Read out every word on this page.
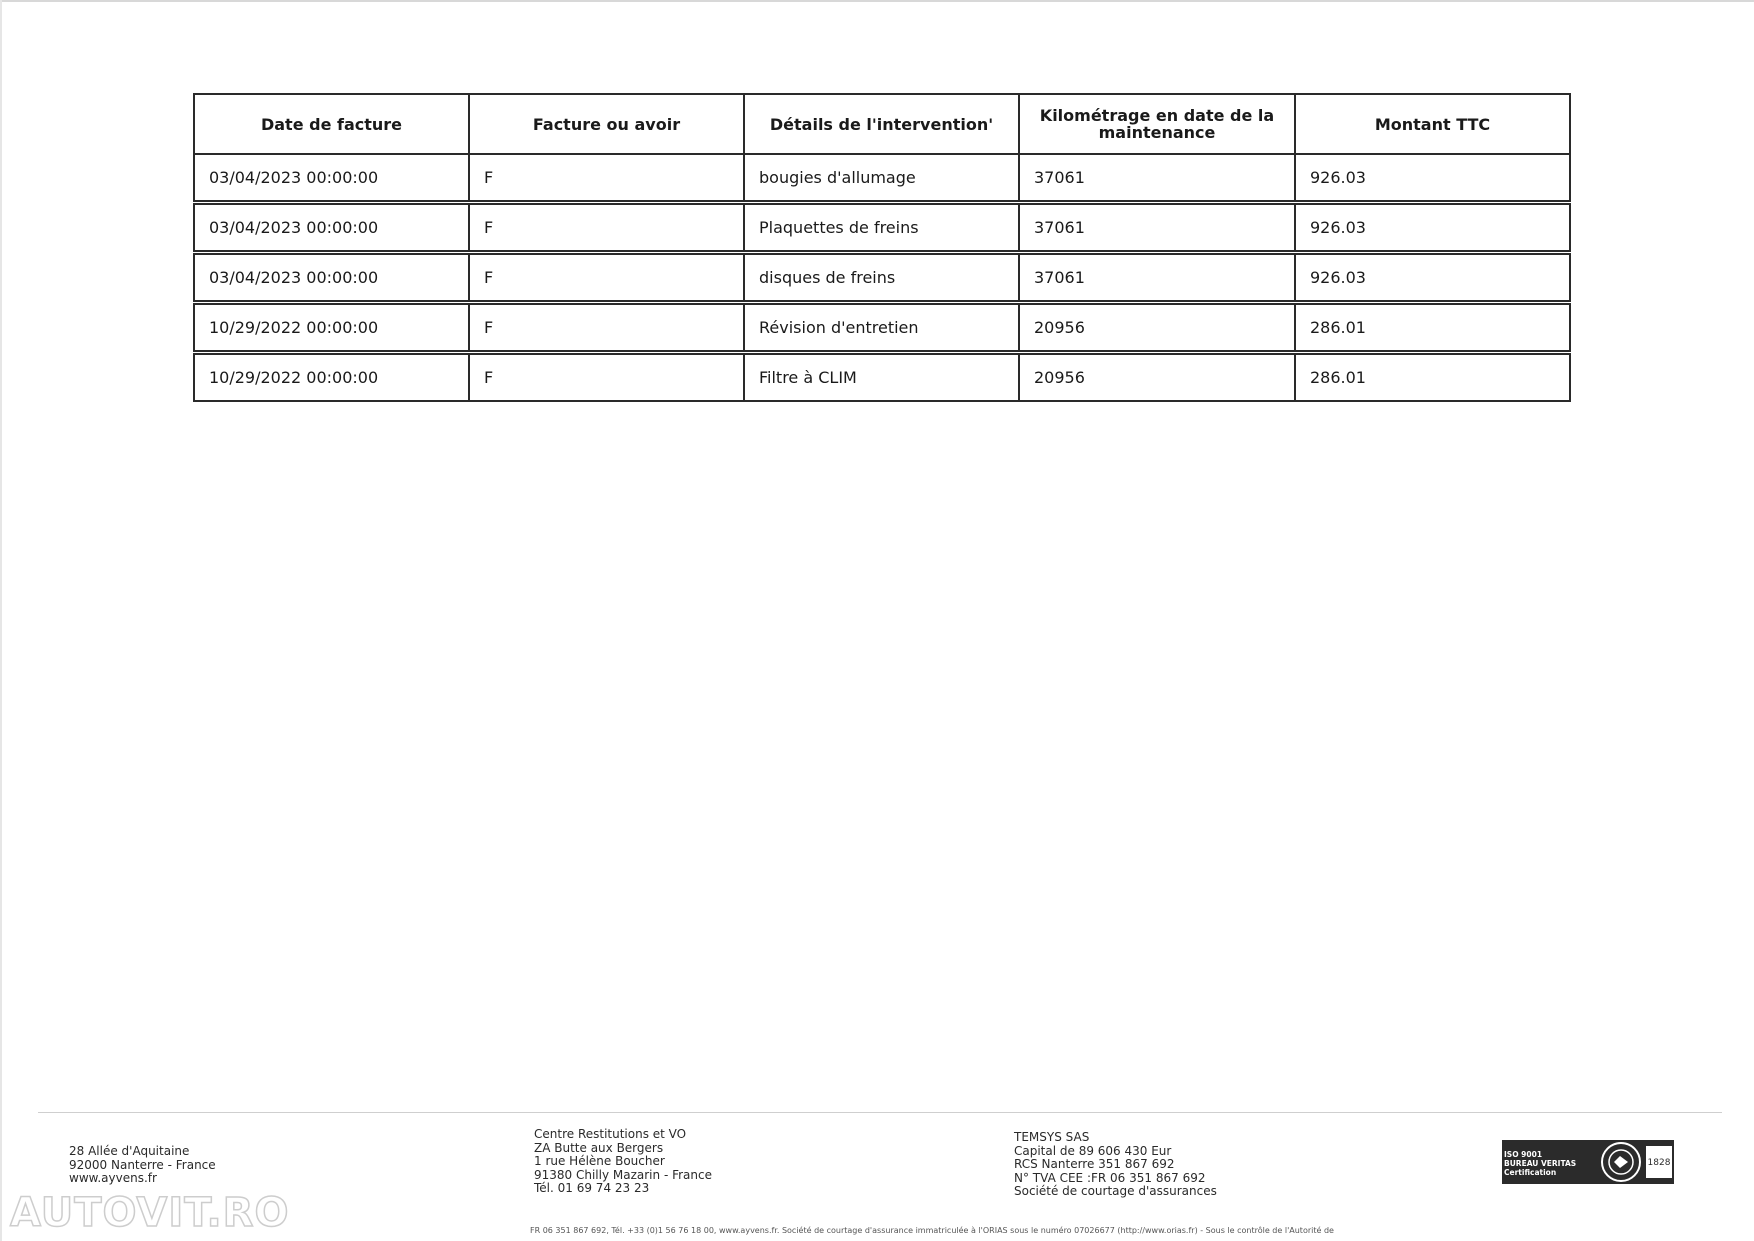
Date de facture	Facture ou avoir	Détails de l'intervention'	Kilométrage en date de la maintenance	Montant TTC
03/04/2023 00:00:00	F	bougies d'allumage	37061	926.03
03/04/2023 00:00:00	F	Plaquettes de freins	37061	926.03
03/04/2023 00:00:00	F	disques de freins	37061	926.03
10/29/2022 00:00:00	F	Révision d'entretien	20956	286.01
10/29/2022 00:00:00	F	Filtre à CLIM	20956	286.01
28 Allée d'Aquitaine
92000 Nanterre - France
www.ayvens.fr
Centre Restitutions et VO
ZA Butte aux Bergers
1 rue Hélène Boucher
91380 Chilly Mazarin - France
Tél. 01 69 74 23 23
TEMSYS SAS
Capital de 89 606 430 Eur
RCS Nanterre 351 867 692
N° TVA CEE :FR 06 351 867 692
Société de courtage d'assurances
1828
ISO 9001
BUREAU VERITAS
Certification
FR 06 351 867 692, Tél. +33 (0)1 56 76 18 00, www.ayvens.fr. Société de courtage d'assurance immatriculée à l'ORIAS sous le numéro 07026677 (http://www.orias.fr) - Sous le contrôle de l'Autorité de
AUTOVIT.RO
